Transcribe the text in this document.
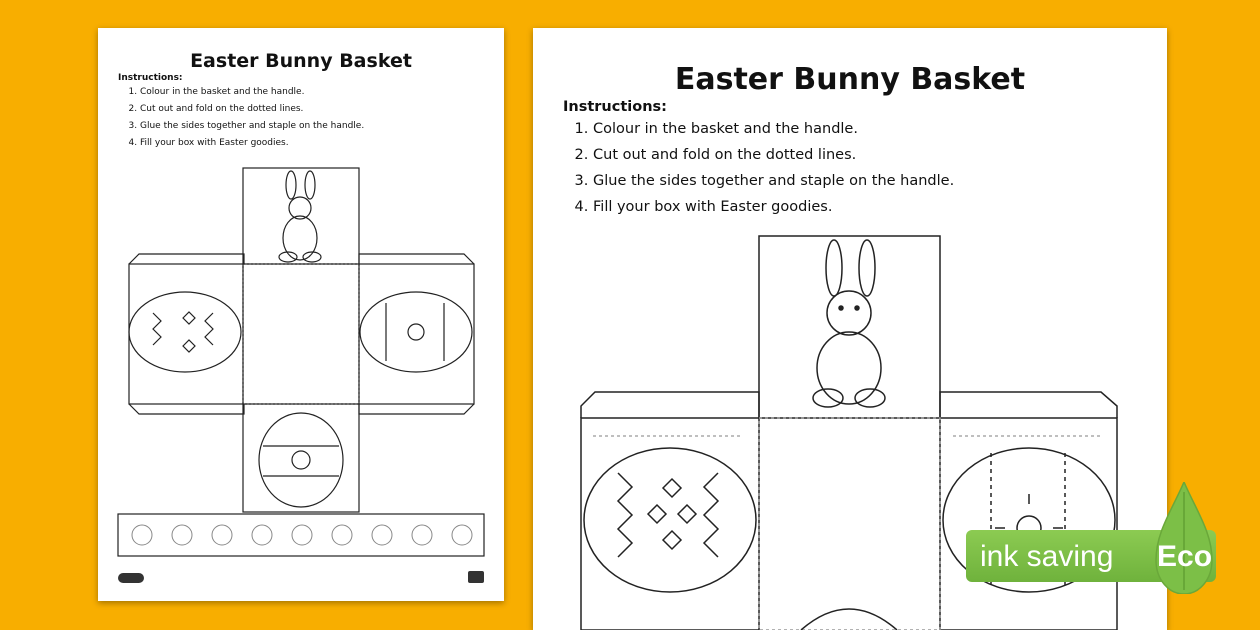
Easter Bunny Basket
Instructions:
1. Colour in the basket and the handle.
2. Cut out and fold on the dotted lines.
3. Glue the sides together and staple on the handle.
4. Fill your box with Easter goodies.
Easter Bunny Basket
Instructions:
1. Colour in the basket and the handle.
2. Cut out and fold on the dotted lines.
3. Glue the sides together and staple on the handle.
4. Fill your box with Easter goodies.
ink saving Eco
